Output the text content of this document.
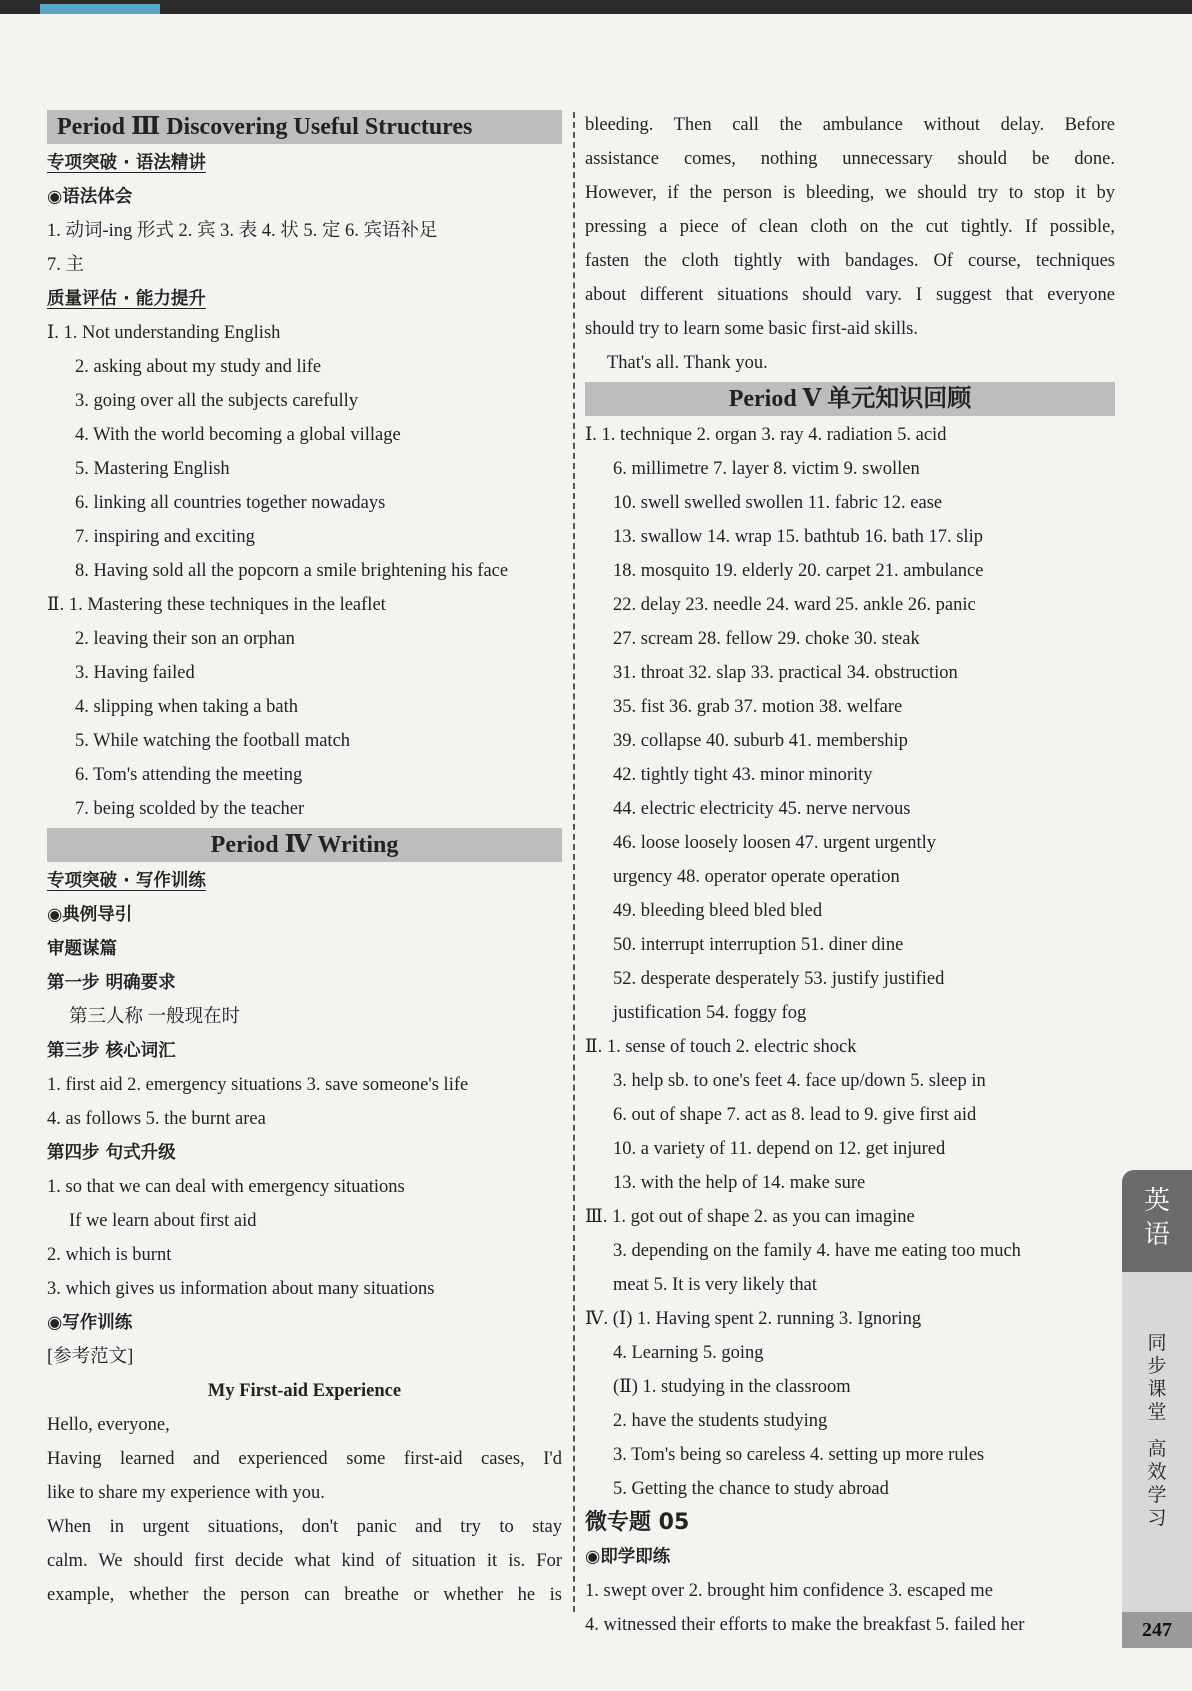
Period Ⅲ Discovering Useful Structures
专项突破 · 语法精讲
◉语法体会
1. 动词-ing 形式 2. 宾 3. 表 4. 状 5. 定 6. 宾语补足
7. 主
质量评估 · 能力提升
Ⅰ. 1. Not understanding English
2. asking about my study and life
3. going over all the subjects carefully
4. With the world becoming a global village
5. Mastering English
6. linking all countries together nowadays
7. inspiring and exciting
8. Having sold all the popcorn a smile brightening his face
Ⅱ. 1. Mastering these techniques in the leaflet
2. leaving their son an orphan
3. Having failed
4. slipping when taking a bath
5. While watching the football match
6. Tom's attending the meeting
7. being scolded by the teacher
Period Ⅳ Writing
专项突破 · 写作训练
◉典例导引
审题谋篇
第一步 明确要求
第三人称 一般现在时
第三步 核心词汇
1. first aid 2. emergency situations 3. save someone's life
4. as follows 5. the burnt area
第四步 句式升级
1. so that we can deal with emergency situations
If we learn about first aid
2. which is burnt
3. which gives us information about many situations
◉写作训练
[参考范文]
My First-aid Experience
Hello, everyone,
Having learned and experienced some first-aid cases, I'd
like to share my experience with you.
When in urgent situations, don't panic and try to stay
calm. We should first decide what kind of situation it is. For
example, whether the person can breathe or whether he is
bleeding. Then call the ambulance without delay. Before
assistance comes, nothing unnecessary should be done.
However, if the person is bleeding, we should try to stop it by
pressing a piece of clean cloth on the cut tightly. If possible,
fasten the cloth tightly with bandages. Of course, techniques
about different situations should vary. I suggest that everyone
should try to learn some basic first-aid skills.
That's all. Thank you.
Period Ⅴ 单元知识回顾
Ⅰ. 1. technique 2. organ 3. ray 4. radiation 5. acid
6. millimetre 7. layer 8. victim 9. swollen
10. swell swelled swollen 11. fabric 12. ease
13. swallow 14. wrap 15. bathtub 16. bath 17. slip
18. mosquito 19. elderly 20. carpet 21. ambulance
22. delay 23. needle 24. ward 25. ankle 26. panic
27. scream 28. fellow 29. choke 30. steak
31. throat 32. slap 33. practical 34. obstruction
35. fist 36. grab 37. motion 38. welfare
39. collapse 40. suburb 41. membership
42. tightly tight 43. minor minority
44. electric electricity 45. nerve nervous
46. loose loosely loosen 47. urgent urgently
urgency 48. operator operate operation
49. bleeding bleed bled bled
50. interrupt interruption 51. diner dine
52. desperate desperately 53. justify justified
justification 54. foggy fog
Ⅱ. 1. sense of touch 2. electric shock
3. help sb. to one's feet 4. face up/down 5. sleep in
6. out of shape 7. act as 8. lead to 9. give first aid
10. a variety of 11. depend on 12. get injured
13. with the help of 14. make sure
Ⅲ. 1. got out of shape 2. as you can imagine
3. depending on the family 4. have me eating too much
meat 5. It is very likely that
Ⅳ. (Ⅰ) 1. Having spent 2. running 3. Ignoring
4. Learning 5. going
(Ⅱ) 1. studying in the classroom
2. have the students studying
3. Tom's being so careless 4. setting up more rules
5. Getting the chance to study abroad
微专题 05
◉即学即练
1. swept over 2. brought him confidence 3. escaped me
4. witnessed their efforts to make the breakfast 5. failed her
英语
同步课堂
高效学习
247
